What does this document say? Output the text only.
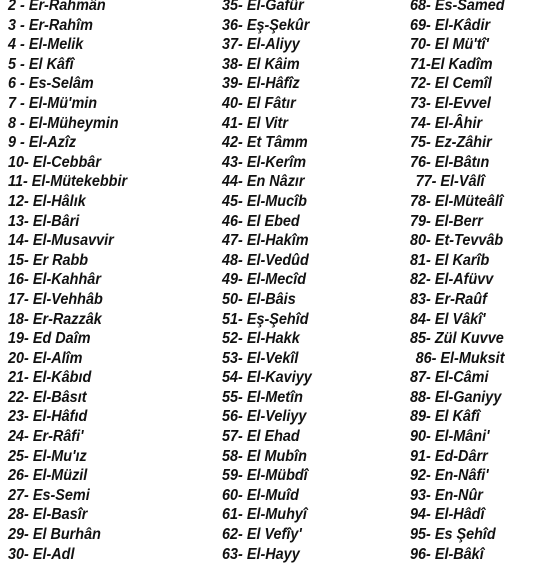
2 - Er-Rahmân
3 - Er-Rahîm
4 - El-Melik
5 - El Kâfî
6 - Es-Selâm
7 - El-Mü'min
8 - El-Müheymin
9 - El-Azîz
10- El-Cebbâr
11- El-Mütekebbir
12- El-Hâlık
13- El-Bâri
14- El-Musavvir
15- Er Rabb
16- El-Kahhâr
17- El-Vehhâb
18- Er-Razzâk
19- Ed Daîm
20- El-Alîm
21- El-Kâbıd
22- El-Bâsıt
23- El-Hâfıd
24- Er-Râfi'
25- El-Mu'ız
26- El-Müzil
27- Es-Semi
28- El-Basîr
29- El Burhân
30- El-Adl
35- El-Gafûr
36- Eş-Şekûr
37- El-Aliyy
38- El Kâim
39- El-Hâfîz
40- El Fâtır
41- El Vitr
42- Et Tâmm
43- El-Kerîm
44- En Nâzır
45- El-Mucîb
46- El Ebed
47- El-Hakîm
48- El-Vedûd
49- El-Mecîd
50- El-Bâis
51- Eş-Şehîd
52- El-Hakk
53- El-Vekîl
54- El-Kaviyy
55- El-Metîn
56- El-Veliyy
57- El Ehad
58- El Mubîn
59- El-Mübdî
60- El-Muîd
61- El-Muhyî
62- El Vefîy'
63- El-Hayy
68- Es-Samed
69- El-Kâdir
70- El Mü'tî'
71-El Kadîm
72- El Cemîl
73- El-Evvel
74- El-Âhir
75- Ez-Zâhir
76- El-Bâtın
77- El-Vâlî
78- El-Müteâlî
79- El-Berr
80- Et-Tevvâb
81- El Karîb
82- El-Afüvv
83- Er-Raûf
84- El Vâkî'
85- Zül Kuvve
86- El-Muksit
87- El-Câmi
88- El-Ganiyy
89- El Kâfî
90- El-Mâni'
91- Ed-Dârr
92- En-Nâfi'
93- En-Nûr
94- El-Hâdî
95- Es Şehîd
96- El-Bâkî
